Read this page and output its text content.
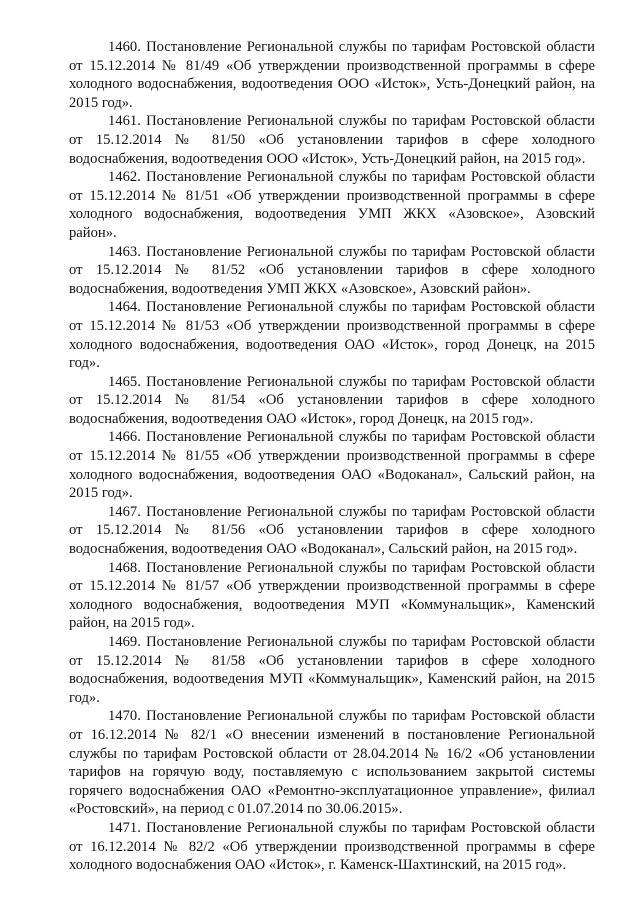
1460. Постановление Региональной службы по тарифам Ростовской области от 15.12.2014 № 81/49 «Об утверждении производственной программы в сфере холодного водоснабжения, водоотведения ООО «Исток», Усть-Донецкий район, на 2015 год».

1461. Постановление Региональной службы по тарифам Ростовской области от 15.12.2014 № 81/50 «Об установлении тарифов в сфере холодного водоснабжения, водоотведения ООО «Исток», Усть-Донецкий район, на 2015 год».

1462. Постановление Региональной службы по тарифам Ростовской области от 15.12.2014 № 81/51 «Об утверждении производственной программы в сфере холодного водоснабжения, водоотведения УМП ЖКХ «Азовское», Азовский район».

1463. Постановление Региональной службы по тарифам Ростовской области от 15.12.2014 № 81/52 «Об установлении тарифов в сфере холодного водоснабжения, водоотведения УМП ЖКХ «Азовское», Азовский район».

1464. Постановление Региональной службы по тарифам Ростовской области от 15.12.2014 № 81/53 «Об утверждении производственной программы в сфере холодного водоснабжения, водоотведения ОАО «Исток», город Донецк, на 2015 год».

1465. Постановление Региональной службы по тарифам Ростовской области от 15.12.2014 № 81/54 «Об установлении тарифов в сфере холодного водоснабжения, водоотведения ОАО «Исток», город Донецк, на 2015 год».

1466. Постановление Региональной службы по тарифам Ростовской области от 15.12.2014 № 81/55 «Об утверждении производственной программы в сфере холодного водоснабжения, водоотведения ОАО «Водоканал», Сальский район, на 2015 год».

1467. Постановление Региональной службы по тарифам Ростовской области от 15.12.2014 № 81/56 «Об установлении тарифов в сфере холодного водоснабжения, водоотведения ОАО «Водоканал», Сальский район, на 2015 год».

1468. Постановление Региональной службы по тарифам Ростовской области от 15.12.2014 № 81/57 «Об утверждении производственной программы в сфере холодного водоснабжения, водоотведения МУП «Коммунальщик», Каменский район, на 2015 год».

1469. Постановление Региональной службы по тарифам Ростовской области от 15.12.2014 № 81/58 «Об установлении тарифов в сфере холодного водоснабжения, водоотведения МУП «Коммунальщик», Каменский район, на 2015 год».

1470. Постановление Региональной службы по тарифам Ростовской области от 16.12.2014 № 82/1 «О внесении изменений в постановление Региональной службы по тарифам Ростовской области от 28.04.2014 № 16/2 «Об установлении тарифов на горячую воду, поставляемую с использованием закрытой системы горячего водоснабжения ОАО «Ремонтно-эксплуатационное управление», филиал «Ростовский», на период с 01.07.2014 по 30.06.2015».

1471. Постановление Региональной службы по тарифам Ростовской области от 16.12.2014 № 82/2 «Об утверждении производственной программы в сфере холодного водоснабжения ОАО «Исток», г. Каменск-Шахтинский, на 2015 год».
